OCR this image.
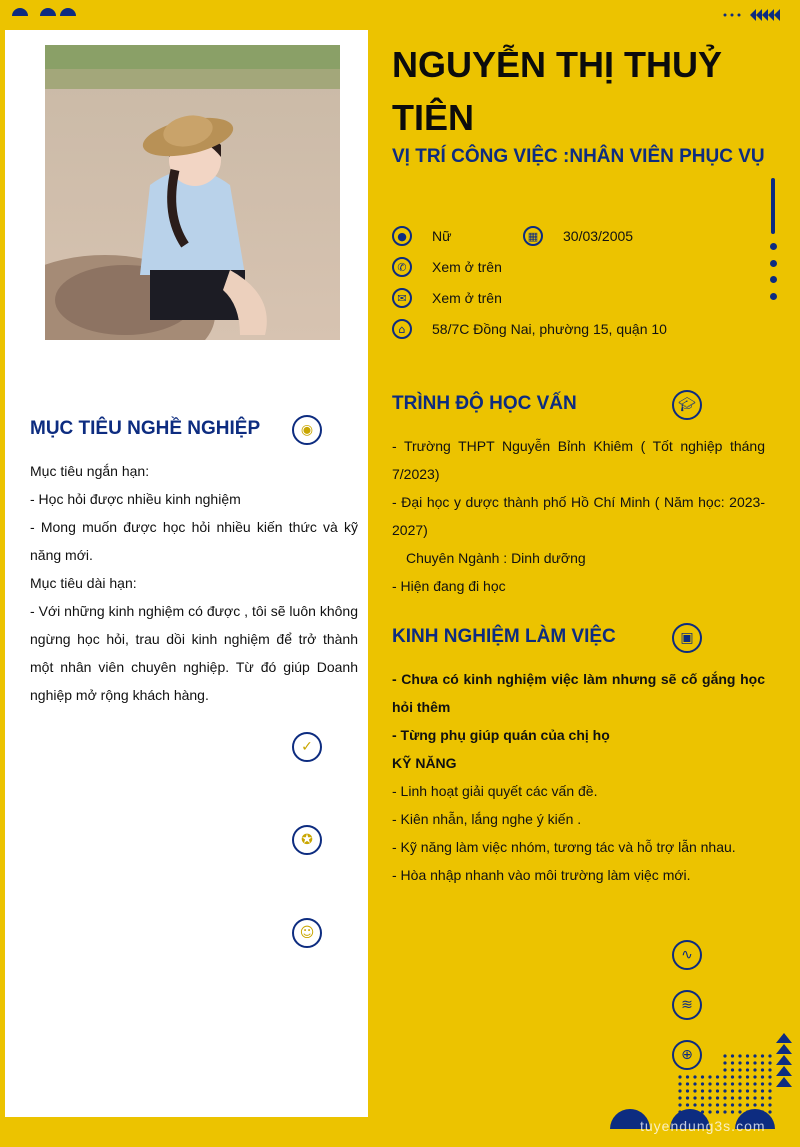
NGUYỄN THỊ THUỶ TIÊN
VỊ TRÍ CÔNG VIỆC :NHÂN VIÊN PHỤC VỤ
●	Nữ	▦	30/03/2005
✆	Xem ở trên
✉	Xem ở trên
⌂	58/7C Đồng Nai, phường 15, quận 10
MỤC TIÊU NGHỀ NGHIỆP	◉

Mục tiêu ngắn hạn:

- Học hỏi được nhiều kinh nghiệm

- Mong muốn được học hỏi nhiều kiến thức và kỹ năng mới.

Mục tiêu dài hạn:

- Với những kinh nghiệm có được , tôi sẽ luôn không ngừng học hỏi, trau dồi kinh nghiệm để trở thành một nhân viên chuyên nghiệp. Từ đó giúp Doanh nghiệp mở rộng khách hàng.

✓
✪
☺
TRÌNH ĐỘ HỌC VẤN	🎓︎

- Trường THPT Nguyễn Bỉnh Khiêm ( Tốt nghiệp tháng 7/2023)

- Đại học y dược thành phố Hồ Chí Minh ( Năm học: 2023-2027)

Chuyên Ngành : Dinh dưỡng

- Hiện đang đi học

KINH NGHIỆM LÀM VIỆC	▣

- Chưa có kinh nghiệm việc làm nhưng sẽ cố gắng học hỏi thêm

- Từng phụ giúp quán của chị họ

KỸ NĂNG

- Linh hoạt giải quyết các vấn đề.

- Kiên nhẫn, lắng nghe ý kiến .

- Kỹ năng làm việc nhóm, tương tác và hỗ trợ lẫn nhau.

- Hòa nhập nhanh vào môi trường làm việc mới.

∿
≋
⊕
tuyendung3s.com
